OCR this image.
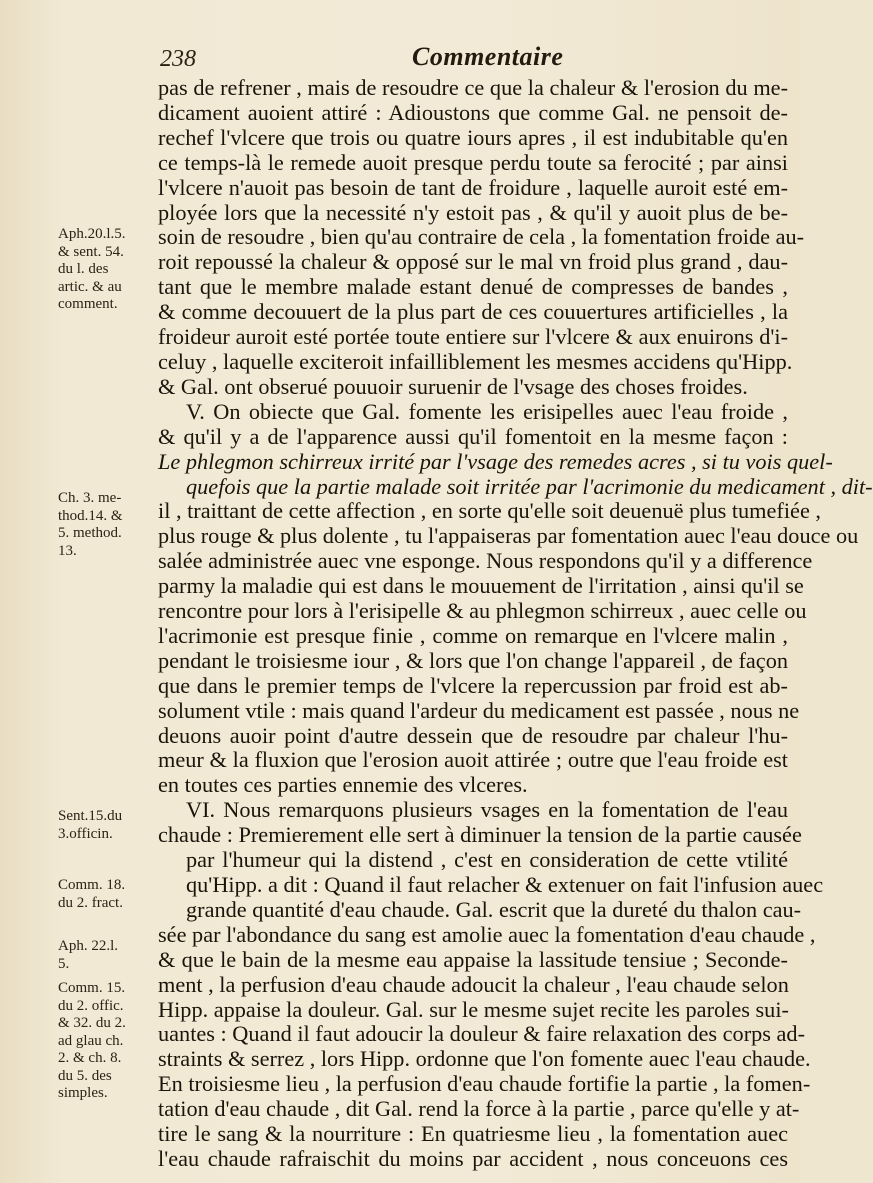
238	Commentaire
Aph.20.l.5.
& sent. 54.
du l. des
artic. & au
comment.
Ch. 3. me-
thod.14. &
5. method.
13.
Sent.15.du
3.officin.
Comm. 18.
du 2. fract.
Aph. 22.l.
5.
Comm. 15.
du 2. offic.
& 32. du 2.
ad glau ch.
2. & ch. 8.
du 5. des
simples.
pas de refrener , mais de resoudre ce que la chaleur & l'erosion du me-
dicament auoient attiré : Adioustons que comme Gal. ne pensoit de-
rechef l'vlcere que trois ou quatre iours apres , il est indubitable qu'en
ce temps-là le remede auoit presque perdu toute sa ferocité ; par ainsi
l'vlcere n'auoit pas besoin de tant de froidure , laquelle auroit esté em-
ployée lors que la necessité n'y estoit pas , & qu'il y auoit plus de be-
soin de resoudre , bien qu'au contraire de cela , la fomentation froide au-
roit repoussé la chaleur & opposé sur le mal vn froid plus grand , dau-
tant que le membre malade estant denué de compresses de bandes ,
& comme decouuert de la plus part de ces couuertures artificielles , la
froideur auroit esté portée toute entiere sur l'vlcere & aux enuirons d'i-
celuy , laquelle exciteroit infailliblement les mesmes accidens qu'Hipp.
& Gal. ont obserué pouuoir suruenir de l'vsage des choses froides.
V. On obiecte que Gal. fomente les erisipelles auec l'eau froide ,
& qu'il y a de l'apparence aussi qu'il fomentoit en la mesme façon :
Le phlegmon schirreux irrité par l'vsage des remedes acres , si tu vois quel-
quefois que la partie malade soit irritée par l'acrimonie du medicament , dit-
il , traittant de cette affection , en sorte qu'elle soit deuenuë plus tumefiée ,
plus rouge & plus dolente , tu l'appaiseras par fomentation auec l'eau douce ou
salée administrée auec vne esponge. Nous respondons qu'il y a difference
parmy la maladie qui est dans le mouuement de l'irritation , ainsi qu'il se
rencontre pour lors à l'erisipelle & au phlegmon schirreux , auec celle ou
l'acrimonie est presque finie , comme on remarque en l'vlcere malin ,
pendant le troisiesme iour , & lors que l'on change l'appareil , de façon
que dans le premier temps de l'vlcere la repercussion par froid est ab-
solument vtile : mais quand l'ardeur du medicament est passée , nous ne
deuons auoir point d'autre dessein que de resoudre par chaleur l'hu-
meur & la fluxion que l'erosion auoit attirée ; outre que l'eau froide est
en toutes ces parties ennemie des vlceres.
VI. Nous remarquons plusieurs vsages en la fomentation de l'eau
chaude : Premierement elle sert à diminuer la tension de la partie causée
par l'humeur qui la distend , c'est en consideration de cette vtilité
qu'Hipp. a dit : Quand il faut relacher & extenuer on fait l'infusion auec
grande quantité d'eau chaude. Gal. escrit que la dureté du thalon cau-
sée par l'abondance du sang est amolie auec la fomentation d'eau chaude ,
& que le bain de la mesme eau appaise la lassitude tensiue ; Seconde-
ment , la perfusion d'eau chaude adoucit la chaleur , l'eau chaude selon
Hipp. appaise la douleur. Gal. sur le mesme sujet recite les paroles sui-
uantes : Quand il faut adoucir la douleur & faire relaxation des corps ad-
straints & serrez , lors Hipp. ordonne que l'on fomente auec l'eau chaude.
En troisiesme lieu , la perfusion d'eau chaude fortifie la partie , la fomen-
tation d'eau chaude , dit Gal. rend la force à la partie , parce qu'elle y at-
tire le sang & la nourriture : En quatriesme lieu , la fomentation auec
l'eau chaude rafraischit du moins par accident , nous conceuons ces
